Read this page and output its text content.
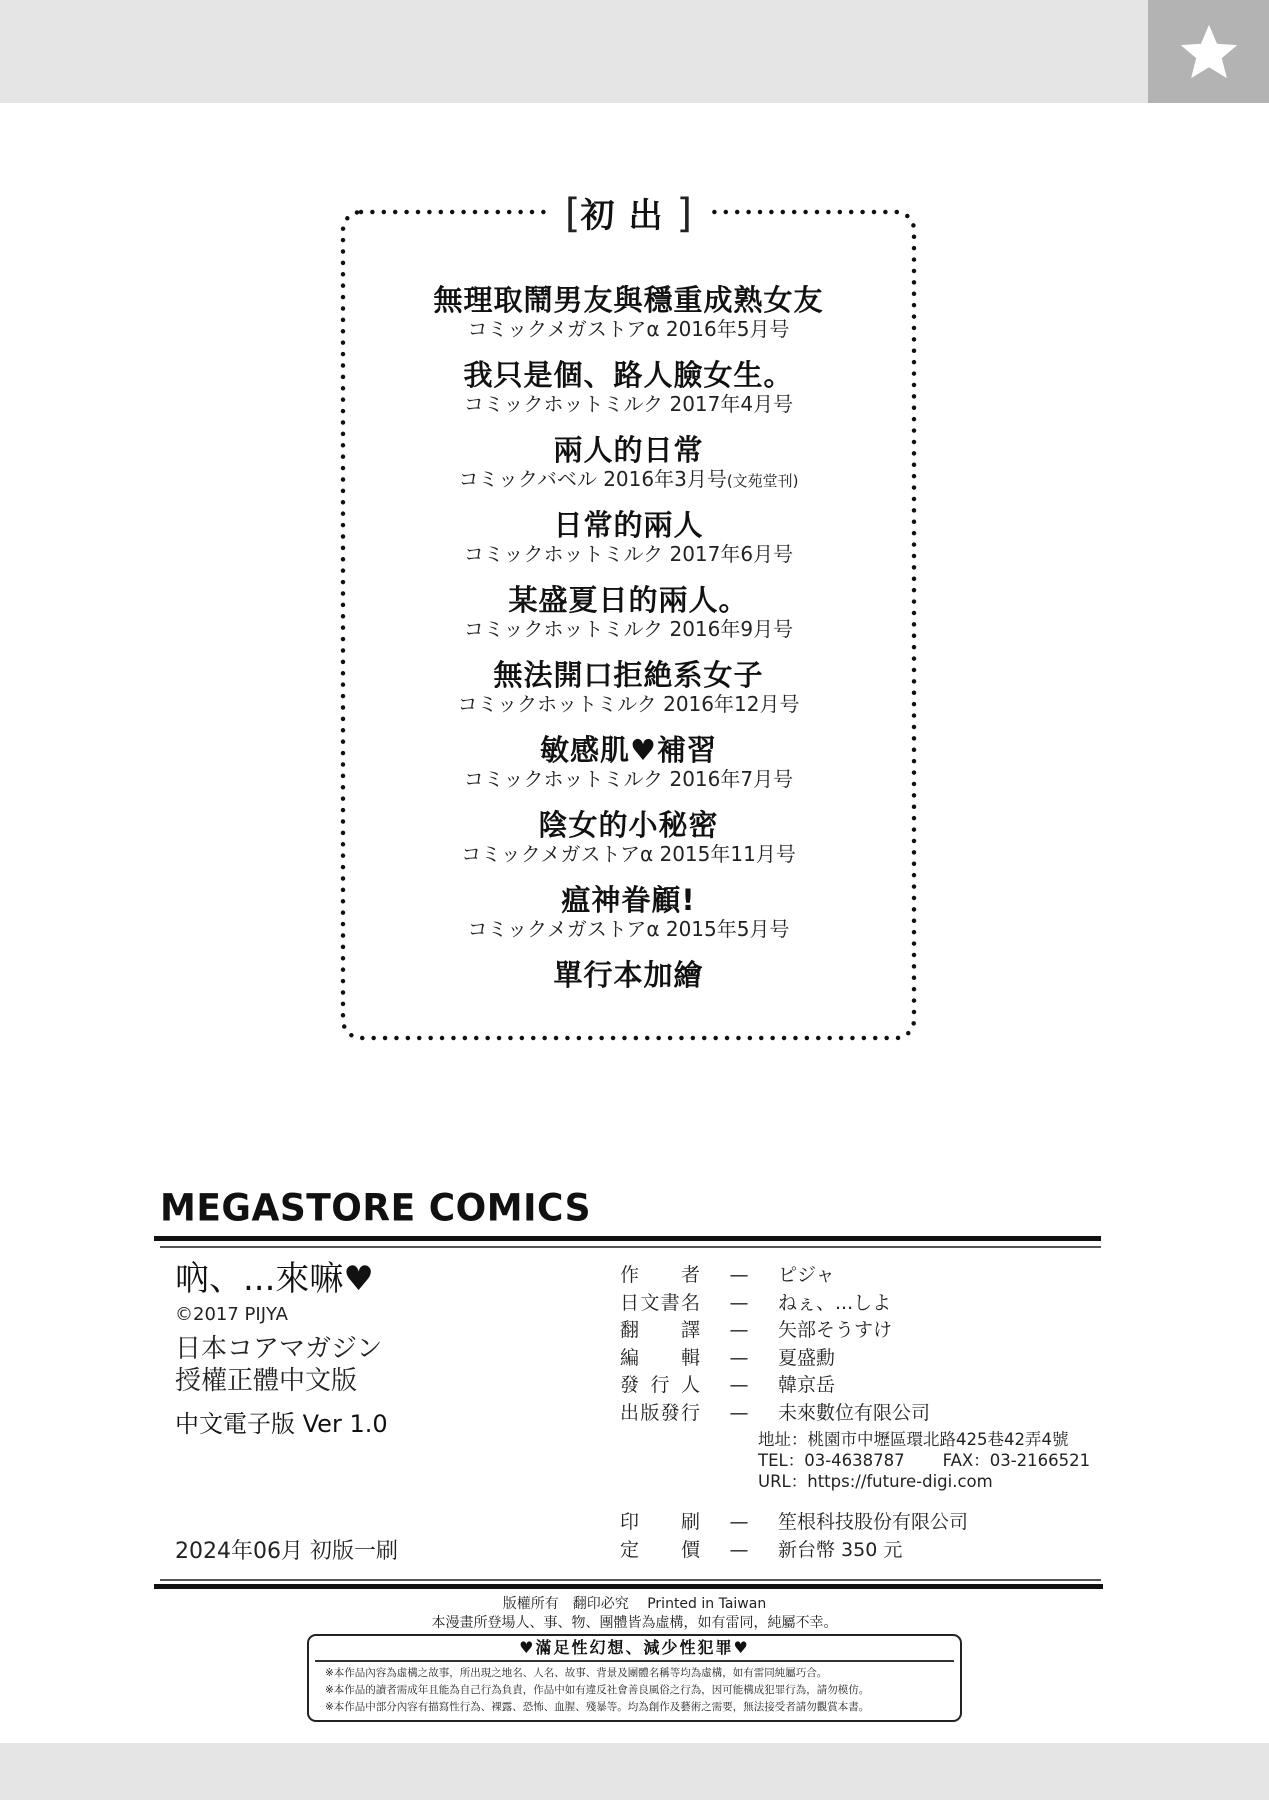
[初出]
無理取鬧男友與穩重成熟女友
コミックメガストアα 2016年5月号
我只是個、路人臉女生。
コミックホットミルク 2017年4月号
兩人的日常
コミックバベル 2016年3月号(文苑堂刊)
日常的兩人
コミックホットミルク 2017年6月号
某盛夏日的兩人。
コミックホットミルク 2016年9月号
無法開口拒絶系女子
コミックホットミルク 2016年12月号
敏感肌♥補習
コミックホットミルク 2016年7月号
陰女的小秘密
コミックメガストアα 2015年11月号
瘟神眷顧!
コミックメガストアα 2015年5月号
單行本加繪
MEGASTORE COMICS
吶、...來嘛♥
©2017 PIJYA
日本コアマガジン
授權正體中文版
中文電子版 Ver 1.0
2024年06月 初版一刷
作者	—	ピジャ
日文書名	—	ねぇ、...しよ
翻譯	—	矢部そうすけ
編輯	—	夏盛勳
發行人	—	韓京岳
出版發行	—	未來數位有限公司
地址：桃園市中壢區環北路425巷42弄4號
TEL：03-4638787 FAX：03-2166521
URL：https://future-digi.com
印刷	—	笙根科技股份有限公司
定價	—	新台幣 350 元
版權所有　翻印必究　 Printed in Taiwan
本漫畫所登場人、事、物、團體皆為虛構，如有雷同，純屬不幸。
♥滿足性幻想、減少性犯罪♥
※本作品內容為虛構之故事，所出現之地名、人名、故事、背景及團體名稱等均為虛構，如有雷同純屬巧合。
※本作品的讀者需成年且能為自己行為負責，作品中如有違反社會善良風俗之行為，因可能構成犯罪行為，請勿模仿。
※本作品中部分內容有描寫性行為、裸露、恐怖、血腥、殘暴等。均為創作及藝術之需要，無法接受者請勿觀賞本書。
